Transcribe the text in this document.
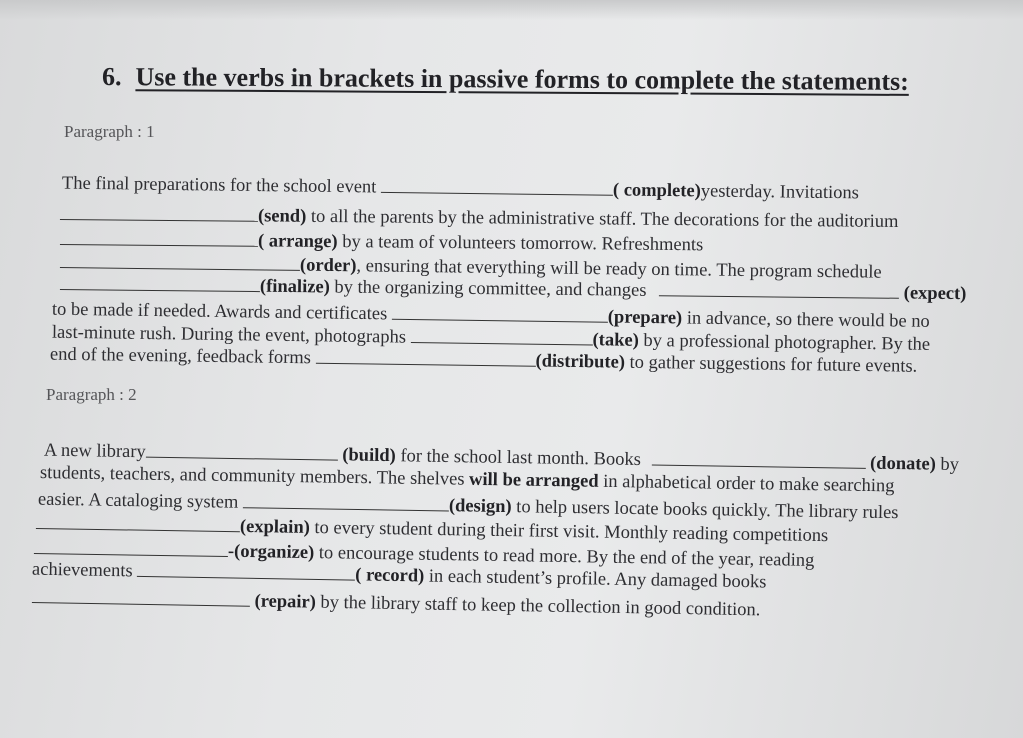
6. Use the verbs in brackets in passive forms to complete the statements:
Paragraph : 1
The final preparations for the school event	( complete)yesterday. Invitations
(send) to all the parents by the administrative staff. The decorations for the auditorium
( arrange) by a team of volunteers tomorrow. Refreshments
(order), ensuring that everything will be ready on time. The program schedule
(finalize) by the organizing committee, and changes	(expect)
to be made if needed. Awards and certificates	(prepare) in advance, so there would be no
last-minute rush. During the event, photographs	(take) by a professional photographer. By the
end of the evening, feedback forms	(distribute) to gather suggestions for future events.
Paragraph : 2
A new library	(build) for the school last month. Books	(donate) by
students, teachers, and community members. The shelves will be arranged in alphabetical order to make searching
easier. A cataloging system	(design) to help users locate books quickly. The library rules
(explain) to every student during their first visit. Monthly reading competitions
-(organize) to encourage students to read more. By the end of the year, reading
achievements	( record) in each student’s profile. Any damaged books
(repair) by the library staff to keep the collection in good condition.
